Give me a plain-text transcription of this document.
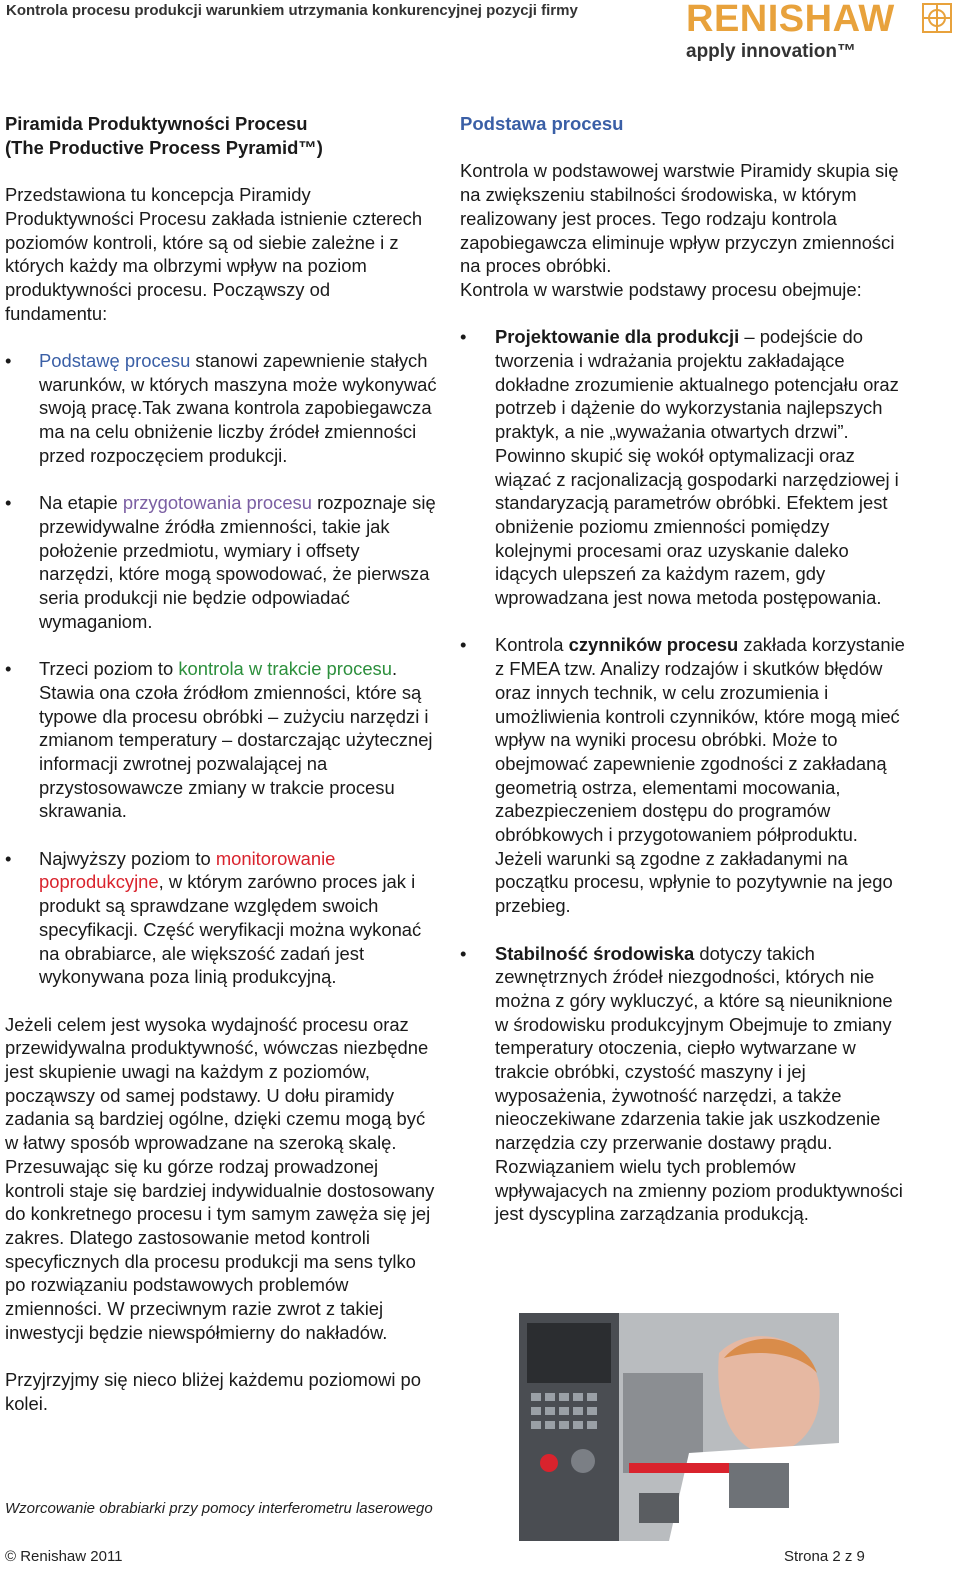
Kontrola procesu produkcji warunkiem utrzymania konkurencyjnej pozycji firmy	RENISHAW
apply innovation™
Piramida Produktywności Procesu
(The Productive Process Pyramid™)

Przedstawiona tu koncepcja Piramidy Produktywności Procesu zakłada istnienie czterech poziomów kontroli, które są od siebie zależne i z których każdy ma olbrzymi wpływ na poziom produktywności procesu. Począwszy od fundamentu:

• Podstawę procesu stanowi zapewnienie stałych warunków, w których maszyna może wykonywać swoją pracę.Tak zwana kontrola zapobiegawcza ma na celu obniżenie liczby źródeł zmienności przed rozpoczęciem produkcji.
• Na etapie przygotowania procesu rozpoznaje się przewidywalne źródła zmienności, takie jak położenie przedmiotu, wymiary i offsety narzędzi, które mogą spowodować, że pierwsza seria produkcji nie będzie odpowiadać wymaganiom.
• Trzeci poziom to kontrola w trakcie procesu. Stawia ona czoła źródłom zmienności, które są typowe dla procesu obróbki – zużyciu narzędzi i zmianom temperatury – dostarczając użytecznej informacji zwrotnej pozwalającej na przystosowawcze zmiany w trakcie procesu skrawania.
• Najwyższy poziom to monitorowanie poprodukcyjne, w którym zarówno proces jak i produkt są sprawdzane względem swoich specyfikacji. Część weryfikacji można wykonać na obrabiarce, ale większość zadań jest wykonywana poza linią produkcyjną.

Jeżeli celem jest wysoka wydajność procesu oraz przewidywalna produktywność, wówczas niezbędne jest skupienie uwagi na każdym z poziomów, począwszy od samej podstawy. U dołu piramidy zadania są bardziej ogólne, dzięki czemu mogą być w łatwy sposób wprowadzane na szeroką skalę. Przesuwając się ku górze rodzaj prowadzonej kontroli staje się bardziej indywidualnie dostosowany do konkretnego procesu i tym samym zawęża się jej zakres. Dlatego zastosowanie metod kontroli specyficznych dla procesu produkcji ma sens tylko po rozwiązaniu podstawowych problemów zmienności. W przeciwnym razie zwrot z takiej inwestycji będzie niewspółmierny do nakładów.

Przyjrzyjmy się nieco bliżej każdemu poziomowi po kolei.

Podstawa procesu
Kontrola w podstawowej warstwie Piramidy skupia się na zwiększeniu stabilności środowiska, w którym realizowany jest proces. Tego rodzaju kontrola zapobiegawcza eliminuje wpływ przyczyn zmienności na proces obróbki.

Kontrola w warstwie podstawy procesu obejmuje:

• Projektowanie dla produkcji – podejście do tworzenia i wdrażania projektu zakładające dokładne zrozumienie aktualnego potencjału oraz potrzeb i dążenie do wykorzystania najlepszych praktyk, a nie „wyważania otwartych drzwi”. Powinno skupić się wokół optymalizacji oraz wiązać z racjonalizacją gospodarki narzędziowej i standaryzacją parametrów obróbki. Efektem jest obniżenie poziomu zmienności pomiędzy kolejnymi procesami oraz uzyskanie daleko idących ulepszeń za każdym razem, gdy wprowadzana jest nowa metoda postępowania.
• Kontrola czynników procesu zakłada korzystanie z FMEA tzw. Analizy rodzajów i skutków błędów oraz innych technik, w celu zrozumienia i umożliwienia kontroli czynników, które mogą mieć wpływ na wyniki procesu obróbki. Może to obejmować zapewnienie zgodności z zakładaną geometrią ostrza, elementami mocowania, zabezpieczeniem dostępu do programów obróbkowych i przygotowaniem półproduktu. Jeżeli warunki są zgodne z zakładanymi na początku procesu, wpłynie to pozytywnie na jego przebieg.
• Stabilność środowiska dotyczy takich zewnętrznych źródeł niezgodności, których nie można z góry wykluczyć, a które są nieuniknione w środowisku produkcyjnym Obejmuje to zmiany temperatury otoczenia, ciepło wytwarzane w trakcie obróbki, czystość maszyny i jej wyposażenia, żywotność narzędzi, a także nieoczekiwane zdarzenia takie jak uszkodzenie narzędzia czy przerwanie dostawy prądu. Rozwiązaniem wielu tych problemów wpływajacych na zmienny poziom produktywności jest dyscyplina zarządzania produkcją.
Wzorcowanie obrabiarki przy pomocy interferometru laserowego
© Renishaw 2011	Strona 2 z 9
